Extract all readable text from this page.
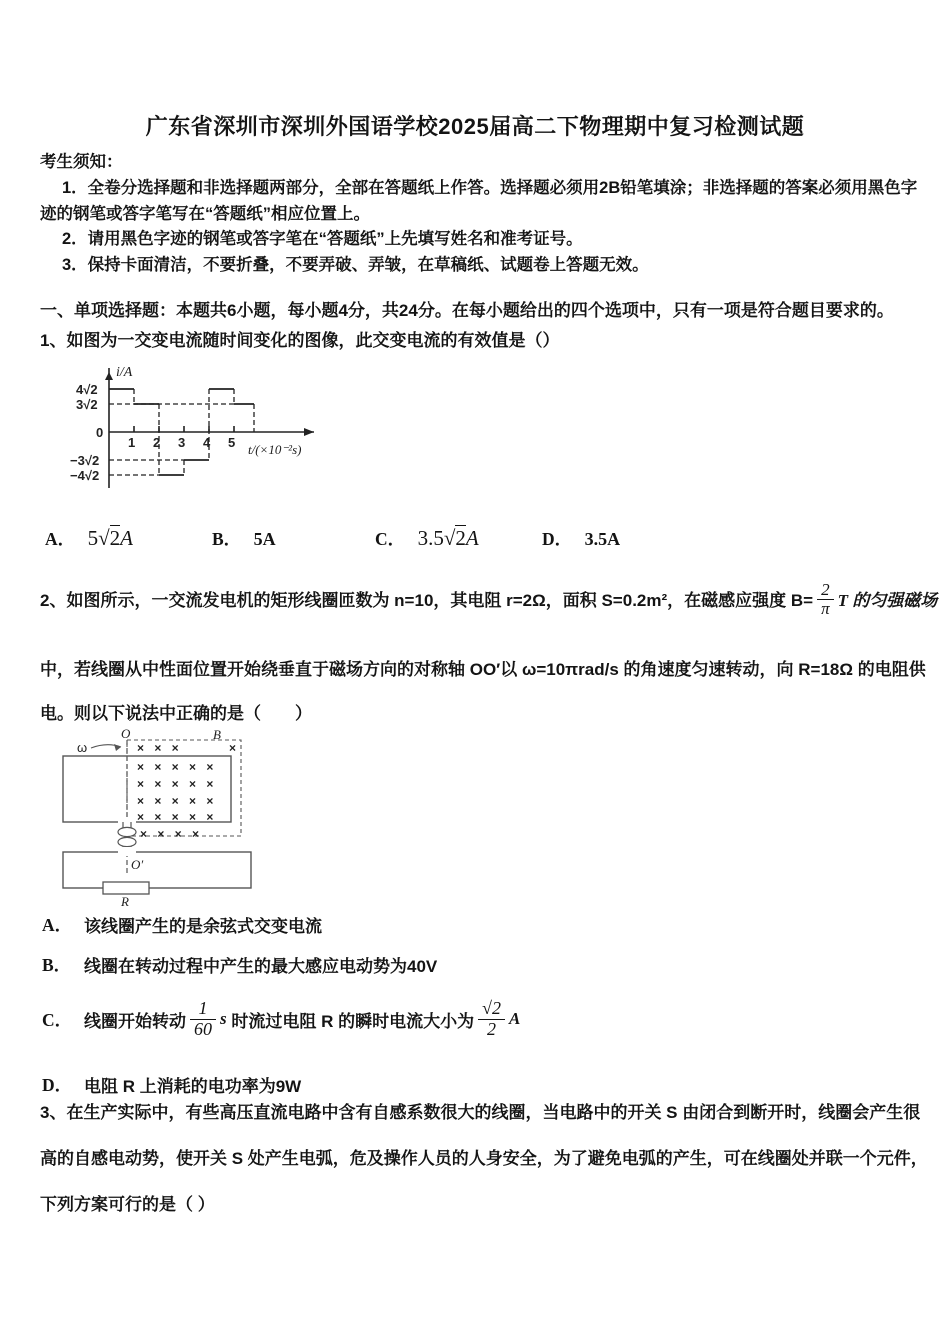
广东省深圳市深圳外国语学校2025届高二下物理期中复习检测试题

考生须知：

1．全卷分选择题和非选择题两部分，全部在答题纸上作答。选择题必须用2B铅笔填涂；非选择题的答案必须用黑色字迹的钢笔或答字笔写在“答题纸”相应位置上。

2．请用黑色字迹的钢笔或答字笔在“答题纸”上先填写姓名和准考证号。

3．保持卡面清洁，不要折叠，不要弄破、弄皱，在草稿纸、试题卷上答题无效。

一、单项选择题：本题共6小题，每小题4分，共24分。在每小题给出的四个选项中，只有一项是符合题目要求的。
1、如图为一交变电流随时间变化的图像，此交变电流的有效值是（）
i/A
4√2
3√2
0
−3√2
−4√2
1 2 3 4 5 t/(×10⁻²s)
A． 5√2A	B． 5A	C． 3.5√2A	D． 3.5A
2、如图所示，一交流发电机的矩形线圈匝数为 n=10，其电阻 r=2Ω，面积 S=0.2m²，在磁感应强度 $B= \frac{2}{\pi}$ T 的匀强磁场
中，若线圈从中性面位置开始绕垂直于磁场方向的对称轴 OO′以 ω=10πrad/s 的角速度匀速转动，向 R=18Ω 的电阻供电。则以下说法中正确的是（　　）
× × ×	×
× × × × ×
× × × × ×
× × × × ×
× × × × ×
× × × ×
O
ω
B
O′
R
A． 该线圈产生的是余弦式交变电流
B． 线圈在转动过程中产生的最大感应电动势为40V
C． 线圈开始转动 $\frac{1}{60}$ s
时流过电阻 R 的瞬时电流大小为 $\frac{√2}{2}$ A
D． 电阻 R 上消耗的电功率为9W
3、在生产实际中，有些高压直流电路中含有自感系数很大的线圈，当电路中的开关 S 由闭合到断开时，线圈会产生很高的自感电动势，使开关 S 处产生电弧，危及操作人员的人身安全，为了避免电弧的产生，可在线圈处并联一个元件，下列方案可行的是（ ）
